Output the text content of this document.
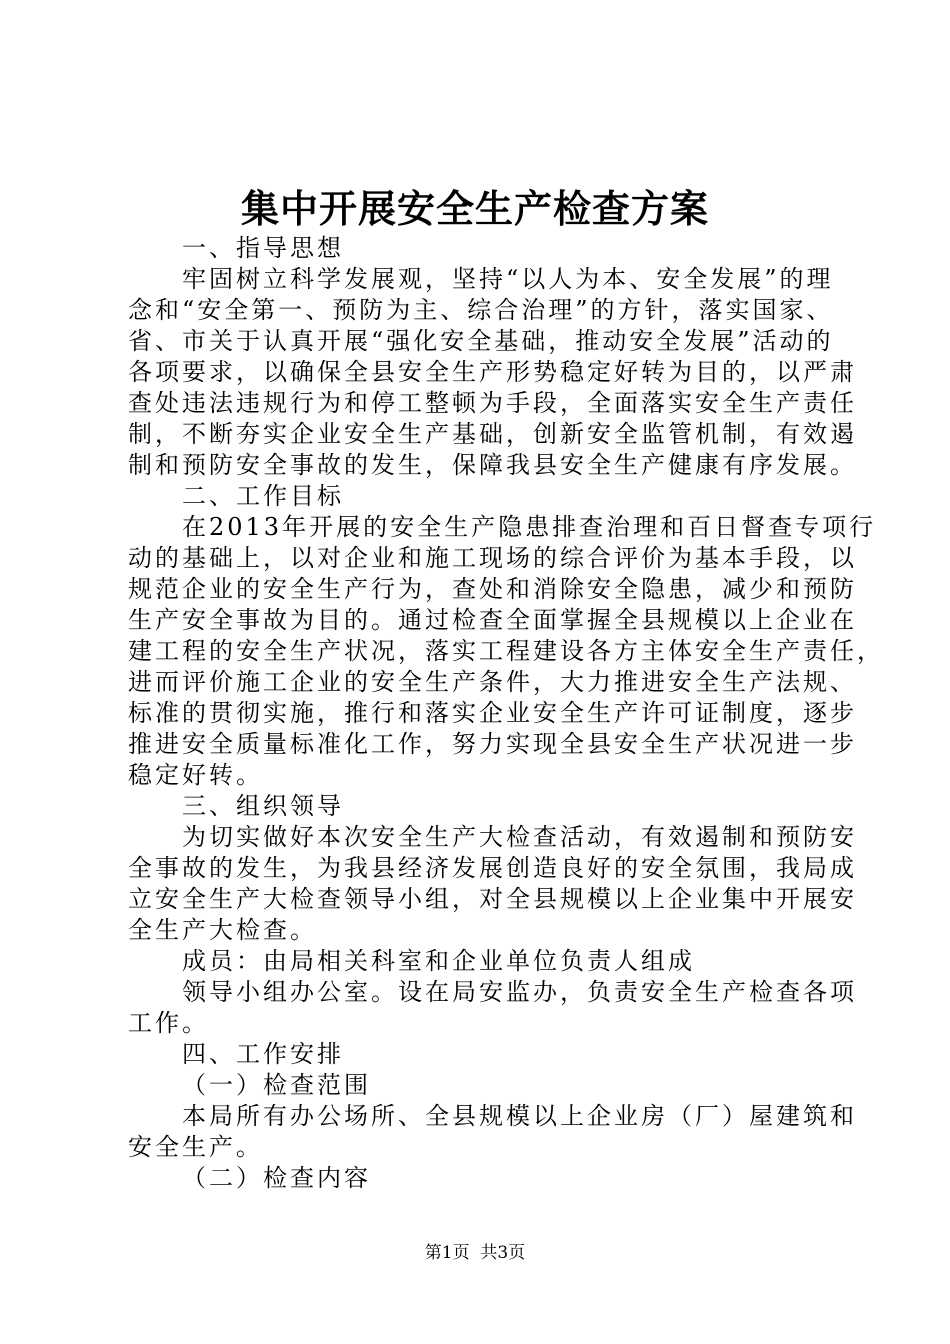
集中开展安全生产检查方案

一、指导思想

牢固树立科学发展观，坚持“以人为本、安全发展”的理

念和“安全第一、预防为主、综合治理”的方针，落实国家、

省、市关于认真开展“强化安全基础，推动安全发展”活动的

各项要求，以确保全县安全生产形势稳定好转为目的，以严肃

查处违法违规行为和停工整顿为手段，全面落实安全生产责任

制，不断夯实企业安全生产基础，创新安全监管机制，有效遏

制和预防安全事故的发生，保障我县安全生产健康有序发展。

二、工作目标

在2013年开展的安全生产隐患排查治理和百日督查专项行

动的基础上，以对企业和施工现场的综合评价为基本手段，以

规范企业的安全生产行为，查处和消除安全隐患，减少和预防

生产安全事故为目的。通过检查全面掌握全县规模以上企业在

建工程的安全生产状况，落实工程建设各方主体安全生产责任，

进而评价施工企业的安全生产条件，大力推进安全生产法规、

标准的贯彻实施，推行和落实企业安全生产许可证制度，逐步

推进安全质量标准化工作，努力实现全县安全生产状况进一步

稳定好转。

三、组织领导

为切实做好本次安全生产大检查活动，有效遏制和预防安

全事故的发生，为我县经济发展创造良好的安全氛围，我局成

立安全生产大检查领导小组，对全县规模以上企业集中开展安

全生产大检查。

成员：由局相关科室和企业单位负责人组成

领导小组办公室。设在局安监办，负责安全生产检查各项

工作。

四、工作安排

（一）检查范围

本局所有办公场所、全县规模以上企业房（厂）屋建筑和

安全生产。

（二）检查内容

第1页  共3页
